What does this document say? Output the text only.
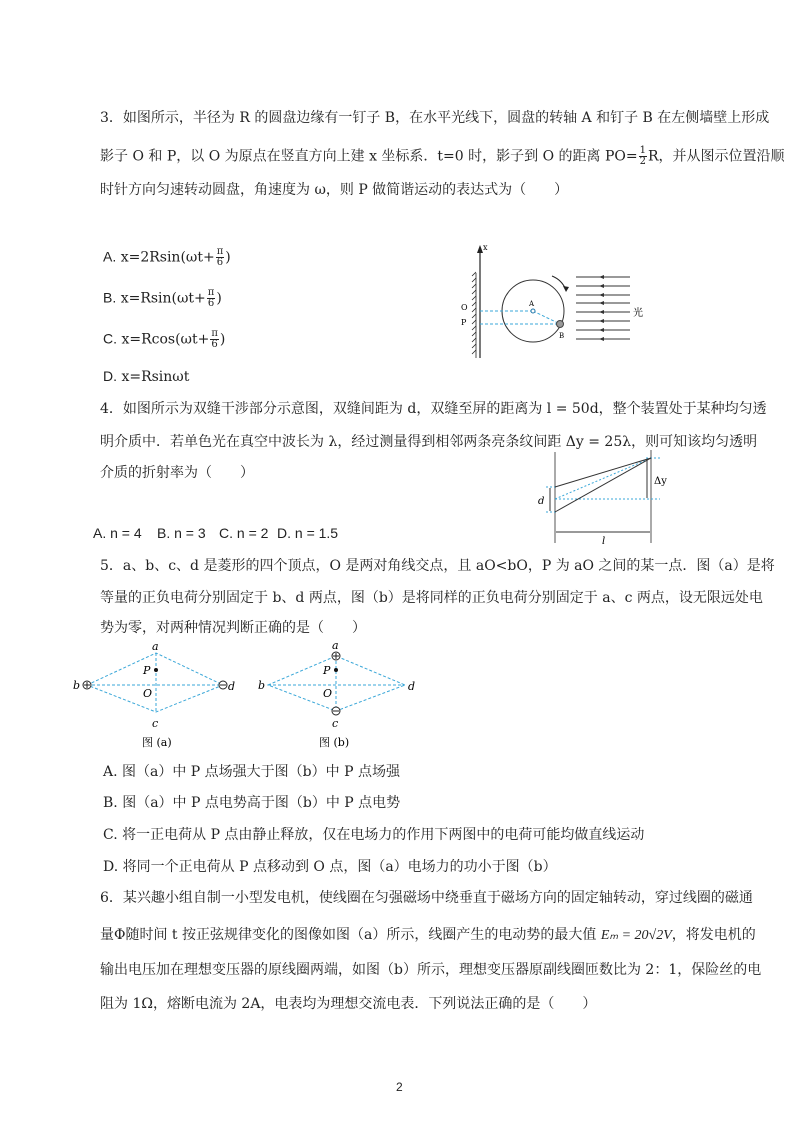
3．如图所示，半径为 R 的圆盘边缘有一钉子 B，在水平光线下，圆盘的转轴 A 和钉子 B 在左侧墙壁上形成
影子 O 和 P，以 O 为原点在竖直方向上建 x 坐标系．t=0 时，影子到 O 的距离 $PO= \frac{1}{2}$ R，并从图示位置沿顺
时针方向匀速转动圆盘，角速度为 ω，则 P 做简谐运动的表达式为（　　）
A. $x=2Rsin(\omega t+ \frac{\pi}{6}$ )
B. $x=Rsin(\omega t+ \frac{\pi}{6}$ )
C. $x=Rcos(\omega t+ \frac{\pi}{6}$ )
D. x=Rsinωt
x
O
P
A
B
光
4．如图所示为双缝干涉部分示意图，双缝间距为 d，双缝至屏的距离为 l = 50d，整个装置处于某种均匀透
明介质中．若单色光在真空中波长为 λ，经过测量得到相邻两条亮条纹间距 Δy = 25λ，则可知该均匀透明
介质的折射率为（　　）
A. n = 4 B. n = 3 C. n = 2 D. n = 1.5
d
Δy
l
5．a、b、c、d 是菱形的四个顶点，O 是两对角线交点，且 aO<bO，P 为 aO 之间的某一点．图（a）是将
等量的正负电荷分别固定于 b、d 两点，图（b）是将同样的正负电荷分别固定于 a、c 两点，设无限远处电
势为零，对两种情况判断正确的是（　　）
a
b
c
d
O
P
图 (a)
a
b
c
d
O
P
图 (b)
A. 图（a）中 P 点场强大于图（b）中 P 点场强
B. 图（a）中 P 点电势高于图（b）中 P 点电势
C. 将一正电荷从 P 点由静止释放，仅在电场力的作用下两图中的电荷可能均做直线运动
D. 将同一个正电荷从 P 点移动到 O 点，图（a）电场力的功小于图（b）
6．某兴趣小组自制一小型发电机，使线圈在匀强磁场中绕垂直于磁场方向的固定轴转动，穿过线圈的磁通
量Φ随时间 t 按正弦规律变化的图像如图（a）所示，线圈产生的电动势的最大值 Eₘ = 20√2V，将发电机的
输出电压加在理想变压器的原线圈两端，如图（b）所示，理想变压器原副线圈匝数比为 2：1，保险丝的电
阻为 1Ω，熔断电流为 2A，电表均为理想交流电表．下列说法正确的是（　　）
2
